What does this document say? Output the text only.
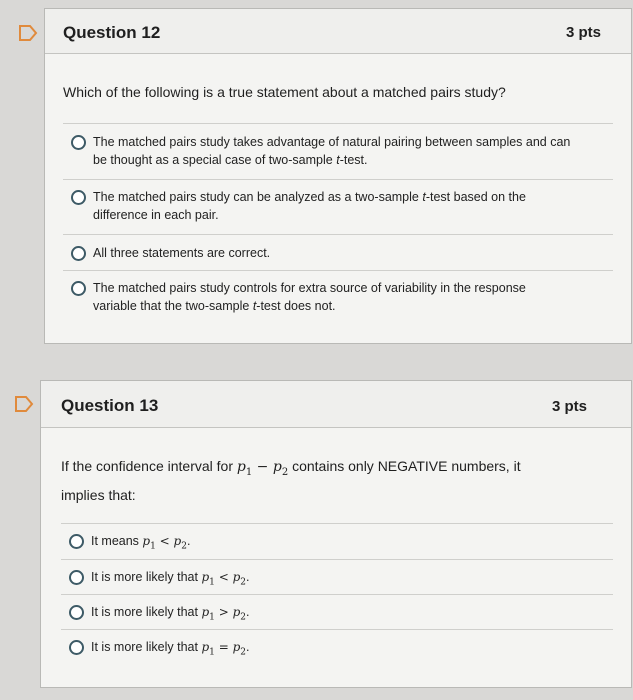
Question 12	3 pts
Which of the following is a true statement about a matched pairs study?
The matched pairs study takes advantage of natural pairing between samples and can
be thought as a special case of two-sample t-test.
The matched pairs study can be analyzed as a two-sample t-test based on the
difference in each pair.
All three statements are correct.
The matched pairs study controls for extra source of variability in the response
variable that the two-sample t-test does not.
Question 13	3 pts
If the confidence interval for $p_1 - p_2$ contains only NEGATIVE numbers, it
implies that:
It means $p_1 < p_2$.
It is more likely that $p_1 < p_2$.
It is more likely that $p_1 > p_2$.
It is more likely that $p_1 = p_2$.
